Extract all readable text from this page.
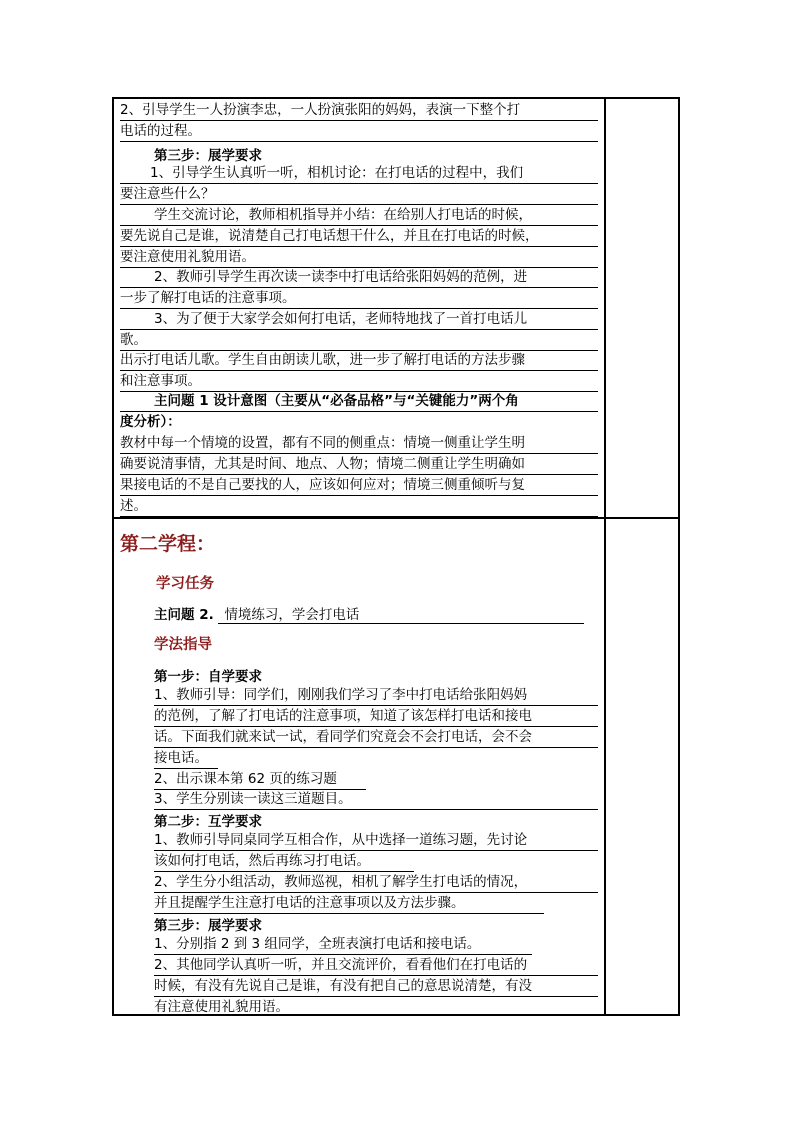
2、引导学生一人扮演李忠，一人扮演张阳的妈妈，表演一下整个打
电话的过程。
第三步：展学要求
1、引导学生认真听一听，相机讨论：在打电话的过程中，我们
要注意些什么？
学生交流讨论，教师相机指导并小结：在给别人打电话的时候，
要先说自己是谁，说清楚自己打电话想干什么，并且在打电话的时候，
要注意使用礼貌用语。
2、教师引导学生再次读一读李中打电话给张阳妈妈的范例，进
一步了解打电话的注意事项。
3、为了便于大家学会如何打电话，老师特地找了一首打电话儿
歌。
出示打电话儿歌。学生自由朗读儿歌，进一步了解打电话的方法步骤
和注意事项。
主问题 1 设计意图（主要从“必备品格”与“关键能力”两个角
度分析）：
教材中每一个情境的设置，都有不同的侧重点：情境一侧重让学生明
确要说清事情，尤其是时间、地点、人物；情境二侧重让学生明确如
果接电话的不是自己要找的人，应该如何应对；情境三侧重倾听与复
述。
第二学程：
学习任务
主问题 2. 情境练习，学会打电话
学法指导
第一步：自学要求
1、教师引导：同学们，刚刚我们学习了李中打电话给张阳妈妈
的范例，了解了打电话的注意事项，知道了该怎样打电话和接电
话。下面我们就来试一试，看同学们究竟会不会打电话，会不会
接电话。
2、出示课本第 62 页的练习题
3、学生分别读一读这三道题目。
第二步：互学要求
1、教师引导同桌同学互相合作，从中选择一道练习题，先讨论
该如何打电话，然后再练习打电话。
2、学生分小组活动，教师巡视，相机了解学生打电话的情况，
并且提醒学生注意打电话的注意事项以及方法步骤。
第三步：展学要求
1、分别指 2 到 3 组同学，全班表演打电话和接电话。
2、其他同学认真听一听，并且交流评价，看看他们在打电话的
时候，有没有先说自己是谁，有没有把自己的意思说清楚，有没
有注意使用礼貌用语。
